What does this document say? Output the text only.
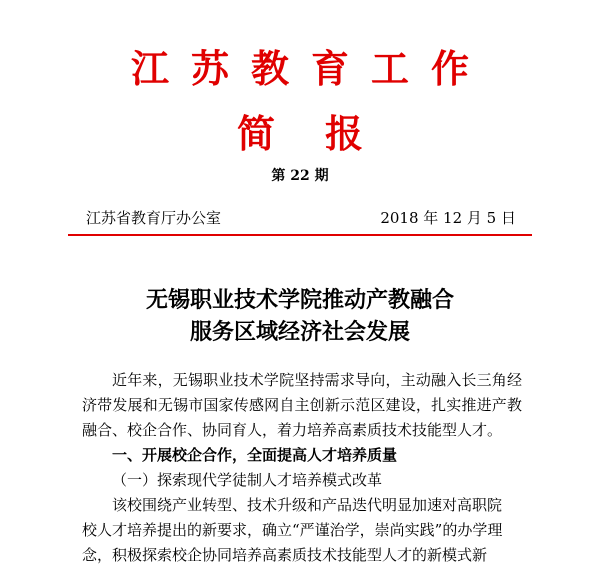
江苏教育工作
简报
第 22 期
江苏省教育厅办公室	2018 年 12 月 5 日
无锡职业技术学院推动产教融合
服务区域经济社会发展

近年来，无锡职业技术学院坚持需求导向，主动融入长三角经济带发展和无锡市国家传感网自主创新示范区建设，扎实推进产教融合、校企合作、协同育人，着力培养高素质技术技能型人才。

一、开展校企合作，全面提高人才培养质量

（一）探索现代学徒制人才培养模式改革

该校围绕产业转型、技术升级和产品迭代明显加速对高职院

校人才培养提出的新要求，确立“严谨治学，崇尚实践”的办学理

念，积极探索校企协同培养高素质技术技能型人才的新模式新
